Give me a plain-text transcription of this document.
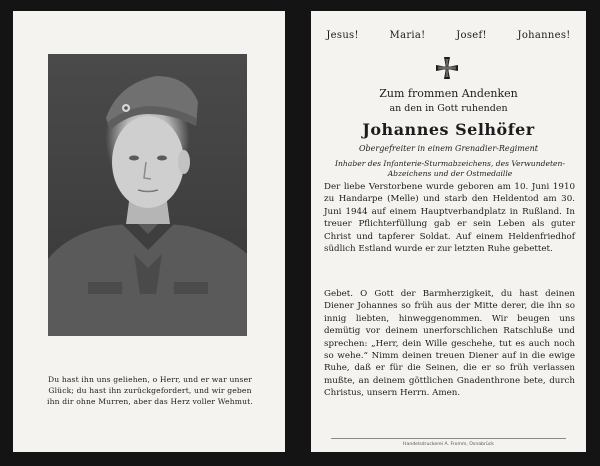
Du hast ihn uns geliehen, o Herr, und er war unser Glück; du hast ihn zurückgefordert, und wir geben ihn dir ohne Murren, aber das Herz voller Wehmut.

Jesus!	Maria!	Josef!	Johannes!

Zum frommen Andenken

an den in Gott ruhenden

Johannes Selhöfer

Obergefreiter in einem Grenadier-Regiment

Inhaber des Infanterie-Sturmabzeichens, des Verwundeten-Abzeichens und der Ostmedaille

Der liebe Verstorbene wurde geboren am 10. Juni 1910 zu Handarpe (Melle) und starb den Heldentod am 30. Juni 1944 auf einem Hauptverbandplatz in Rußland. In treuer Pflichterfüllung gab er sein Leben als guter Christ und tapferer Soldat. Auf einem Heldenfriedhof südlich Estland wurde er zur letzten Ruhe gebettet.

Gebet. O Gott der Barmherzigkeit, du hast deinen Diener Johannes so früh aus der Mitte derer, die ihn so innig liebten, hinweggenommen. Wir beugen uns demütig vor deinem unerforschlichen Ratschluße und sprechen: „Herr, dein Wille geschehe, tut es auch noch so wehe.“ Nimm deinen treuen Diener auf in die ewige Ruhe, daß er für die Seinen, die er so früh verlassen mußte, an deinem göttlichen Gnadenthrone bete, durch Christus, unsern Herrn. Amen.

Handelsdruckerei A. Fromm, Osnabrück
